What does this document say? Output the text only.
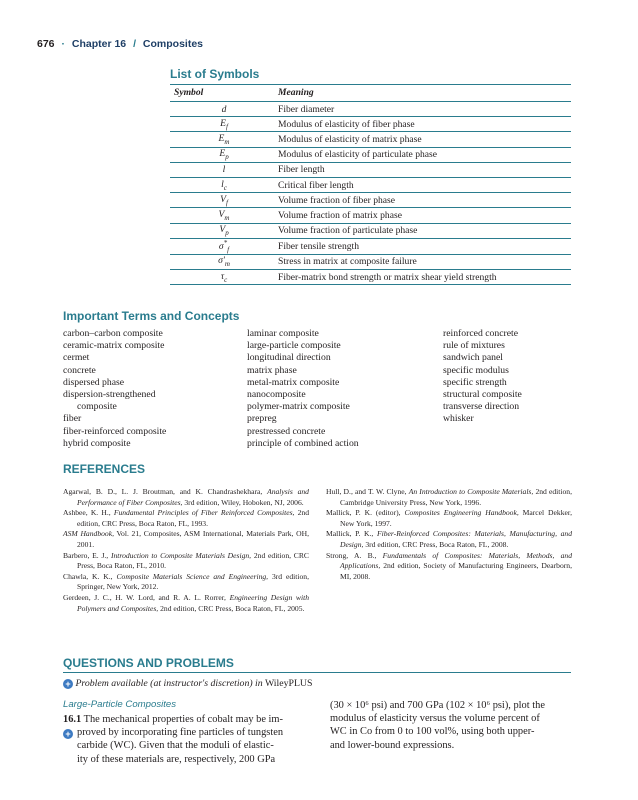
676 · Chapter 16 / Composites
List of Symbols
Symbol	Meaning
d	Fiber diameter
$E_f$	Modulus of elasticity of fiber phase
$E_m$	Modulus of elasticity of matrix phase
$E_p$	Modulus of elasticity of particulate phase
l	Fiber length
$l_c$	Critical fiber length
$V_f$	Volume fraction of fiber phase
$V_m$	Volume fraction of matrix phase
$V_p$	Volume fraction of particulate phase
$\sigma^*_f$	Fiber tensile strength
$\sigma'_m$	Stress in matrix at composite failure
$\tau_c$	Fiber-matrix bond strength or matrix shear yield strength
Important Terms and Concepts
carbon–carbon composite
ceramic-matrix composite
cermet
concrete
dispersed phase
dispersion-strengthened
composite
fiber
fiber-reinforced composite
hybrid composite
laminar composite
large-particle composite
longitudinal direction
matrix phase
metal-matrix composite
nanocomposite
polymer-matrix composite
prepreg
prestressed concrete
principle of combined action
reinforced concrete
rule of mixtures
sandwich panel
specific modulus
specific strength
structural composite
transverse direction
whisker
REFERENCES

Agarwal, B. D., L. J. Broutman, and K. Chandrashekhara, Analysis and Performance of Fiber Composites, 3rd edition, Wiley, Hoboken, NJ, 2006.

Ashbee, K. H., Fundamental Principles of Fiber Reinforced Composites, 2nd edition, CRC Press, Boca Raton, FL, 1993.

ASM Handbook, Vol. 21, Composites, ASM International, Materials Park, OH, 2001.

Barbero, E. J., Introduction to Composite Materials Design, 2nd edition, CRC Press, Boca Raton, FL, 2010.

Chawla, K. K., Composite Materials Science and Engineering, 3rd edition, Springer, New York, 2012.

Gerdeen, J. C., H. W. Lord, and R. A. L. Rorrer, Engineering Design with Polymers and Composites, 2nd edition, CRC Press, Boca Raton, FL, 2005.

Hull, D., and T. W. Clyne, An Introduction to Composite Materials, 2nd edition, Cambridge University Press, New York, 1996.

Mallick, P. K. (editor), Composites Engineering Handbook, Marcel Dekker, New York, 1997.

Mallick, P. K., Fiber-Reinforced Composites: Materials, Manufacturing, and Design, 3rd edition, CRC Press, Boca Raton, FL, 2008.

Strong, A. B., Fundamentals of Composites: Materials, Methods, and Applications, 2nd edition, Society of Manufacturing Engineers, Dearborn, MI, 2008.

QUESTIONS AND PROBLEMS
+ Problem available (at instructor's discretion) in WileyPLUS
Large-Particle Composites
16.1 The mechanical properties of cobalt may be im-
proved by incorporating fine particles of tungsten
carbide (WC). Given that the moduli of elastic-
ity of these materials are, respectively, 200 GPa
+
(30 × 10⁶ psi) and 700 GPa (102 × 10⁶ psi), plot the
modulus of elasticity versus the volume percent of
WC in Co from 0 to 100 vol%, using both upper-
and lower-bound expressions.
